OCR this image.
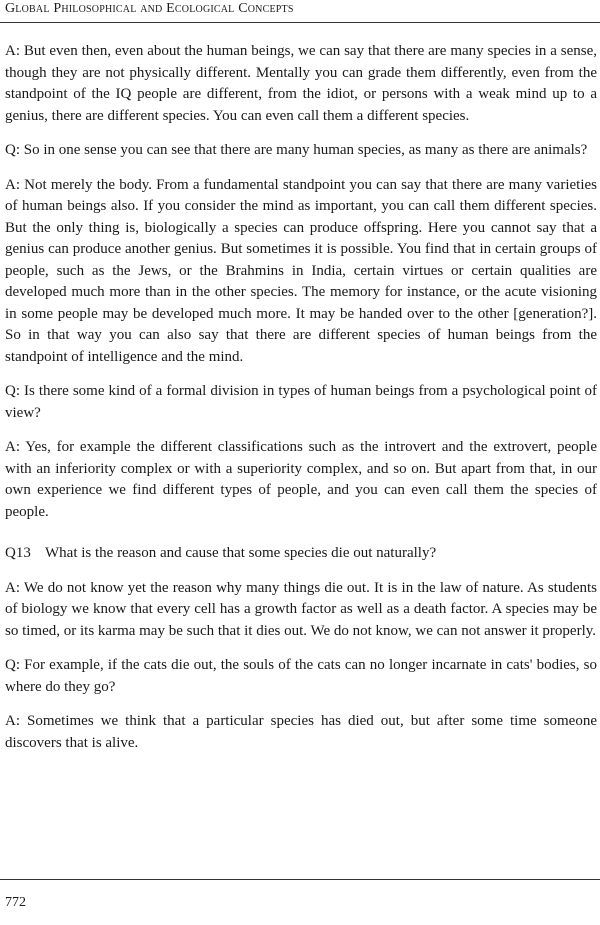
Global Philosophical and Ecological Concepts

A: But even then, even about the human beings, we can say that there are many species in a sense, though they are not physically different. Mentally you can grade them differently, even from the standpoint of the IQ people are different, from the idiot, or persons with a weak mind up to a genius, there are different species. You can even call them a different species.

Q: So in one sense you can see that there are many human species, as many as there are animals?

A: Not merely the body. From a fundamental standpoint you can say that there are many varieties of human beings also. If you consider the mind as important, you can call them different species. But the only thing is, biologically a species can produce offspring. Here you cannot say that a genius can produce another genius. But sometimes it is possible. You find that in certain groups of people, such as the Jews, or the Brahmins in India, certain virtues or certain qualities are developed much more than in the other species. The memory for instance, or the acute visioning in some people may be developed much more. It may be handed over to the other [generation?]. So in that way you can also say that there are different species of human beings from the standpoint of intelligence and the mind.

Q: Is there some kind of a formal division in types of human beings from a psychological point of view?

A: Yes, for example the different classifications such as the introvert and the extrovert, people with an inferiority complex or with a superiority complex, and so on. But apart from that, in our own experience we find different types of people, and you can even call them the species of people.

Q13 What is the reason and cause that some species die out naturally?

A: We do not know yet the reason why many things die out. It is in the law of nature. As students of biology we know that every cell has a growth factor as well as a death factor. A species may be so timed, or its karma may be such that it dies out. We do not know, we can not answer it properly.

Q: For example, if the cats die out, the souls of the cats can no longer incarnate in cats' bodies, so where do they go?

A: Sometimes we think that a particular species has died out, but after some time someone discovers that is alive.

772
